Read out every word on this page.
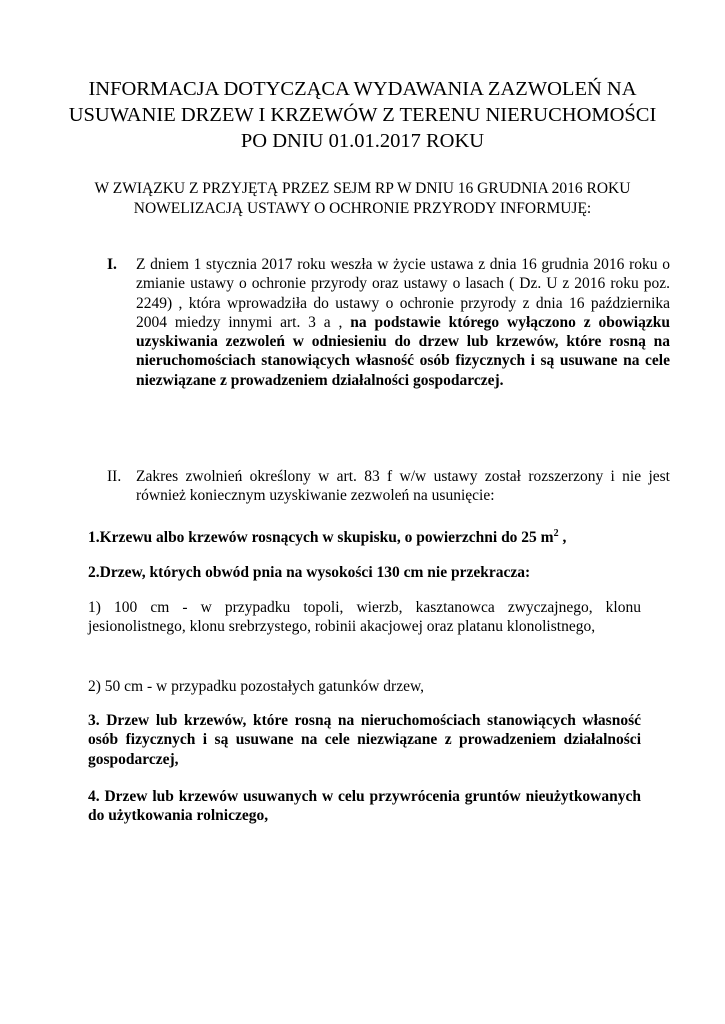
INFORMACJA DOTYCZĄCA WYDAWANIA ZAZWOLEŃ NA USUWANIE DRZEW I KRZEWÓW Z TERENU NIERUCHOMOŚCI PO DNIU 01.01.2017 ROKU

W ZWIĄZKU Z PRZYJĘTĄ PRZEZ SEJM RP W DNIU 16 GRUDNIA 2016 ROKU NOWELIZACJĄ USTAWY O OCHRONIE PRZYRODY INFORMUJĘ:

I. Z dniem 1 stycznia 2017 roku weszła w życie ustawa z dnia 16 grudnia 2016 roku o zmianie ustawy o ochronie przyrody oraz ustawy o lasach ( Dz. U z 2016 roku poz. 2249) , która wprowadziła do ustawy o ochronie przyrody z dnia 16 października 2004 miedzy innymi art. 3 a , na podstawie którego wyłączono z obowiązku uzyskiwania zezwoleń w odniesieniu do drzew lub krzewów, które rosną na nieruchomościach stanowiących własność osób fizycznych i są usuwane na cele niezwiązane z prowadzeniem działalności gospodarczej.

II. Zakres zwolnień określony w art. 83 f w/w ustawy został rozszerzony i nie jest również koniecznym uzyskiwanie zezwoleń na usunięcie:

1.Krzewu albo krzewów rosnących w skupisku, o powierzchni do 25 $m^2$ ,

2.Drzew, których obwód pnia na wysokości 130 cm nie przekracza:

1) 100 cm - w przypadku topoli, wierzb, kasztanowca zwyczajnego, klonu jesionolistnego, klonu srebrzystego, robinii akacjowej oraz platanu klonolistnego,

2) 50 cm - w przypadku pozostałych gatunków drzew,

3. Drzew lub krzewów, które rosną na nieruchomościach stanowiących własność osób fizycznych i są usuwane na cele niezwiązane z prowadzeniem działalności gospodarczej,

4. Drzew lub krzewów usuwanych w celu przywrócenia gruntów nieużytkowanych do użytkowania rolniczego,
